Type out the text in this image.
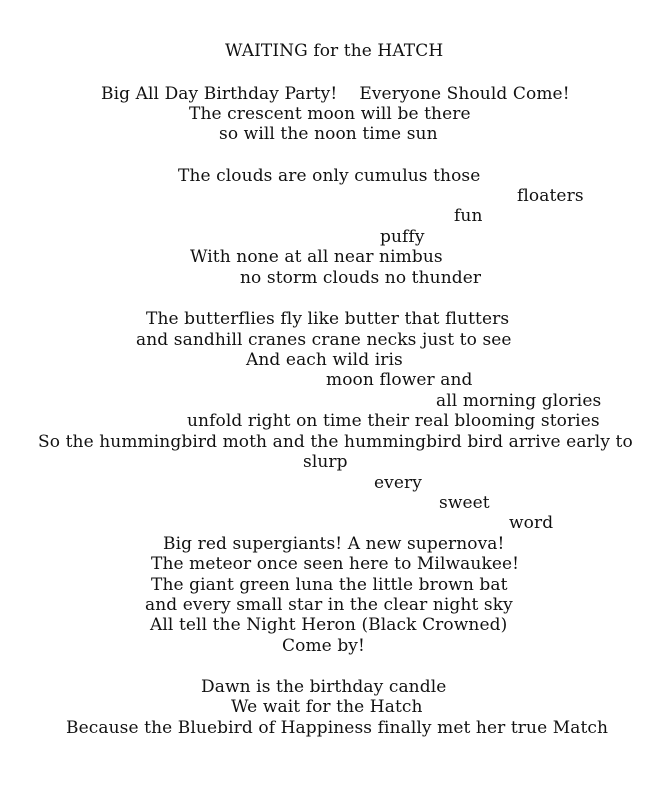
WAITING for the HATCH
Big All Day Birthday Party!    Everyone Should Come!
The crescent moon will be there
so will the noon time sun
The clouds are only cumulus those
floaters
fun
puffy
With none at all near nimbus
no storm clouds no thunder
The butterflies fly like butter that flutters
and sandhill cranes crane necks just to see
And each wild iris
moon flower and
all morning glories
unfold right on time their real blooming stories
So the hummingbird moth and the hummingbird bird arrive early to
slurp
every
sweet
word
Big red supergiants! A new supernova!
The meteor once seen here to Milwaukee!
The giant green luna the little brown bat
and every small star in the clear night sky
All tell the Night Heron (Black Crowned)
Come by!
Dawn is the birthday candle
We wait for the Hatch
Because the Bluebird of Happiness finally met her true Match
